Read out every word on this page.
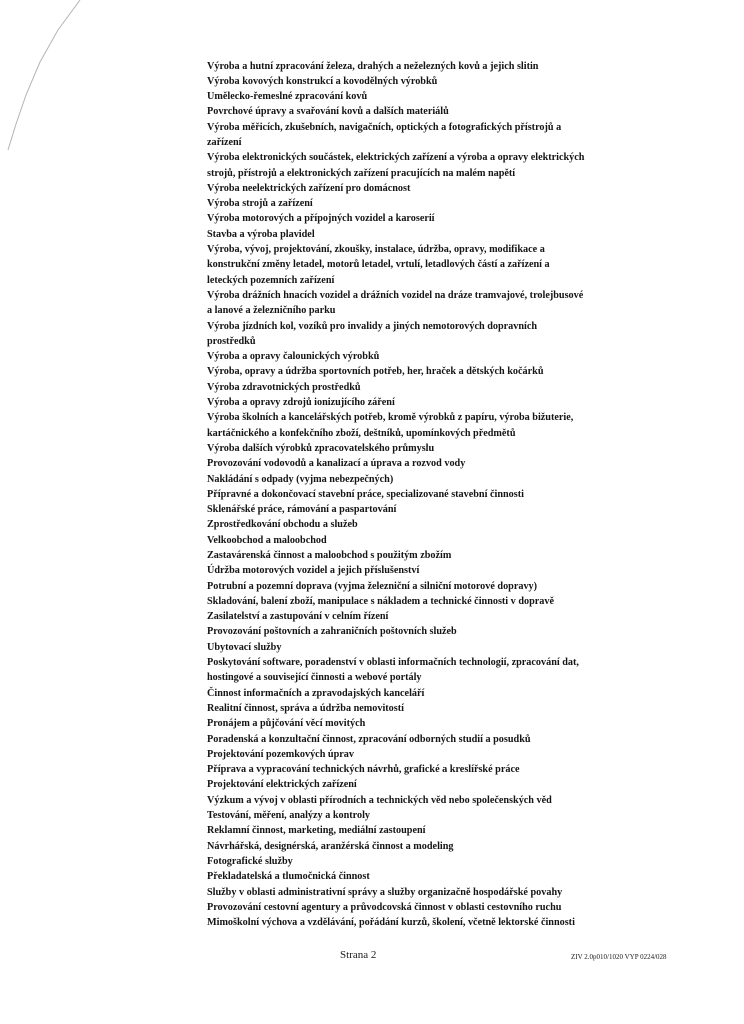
Výroba a hutní zpracování železa, drahých a neželezných kovů a jejich slitin
Výroba kovových konstrukcí a kovodělných výrobků
Umělecko-řemeslné zpracování kovů
Povrchové úpravy a svařování kovů a dalších materiálů
Výroba měřicích, zkušebních, navigačních, optických a fotografických přístrojů a
zařízení
Výroba elektronických součástek, elektrických zařízení a výroba a opravy elektrických
strojů, přístrojů a elektronických zařízení pracujících na malém napětí
Výroba neelektrických zařízení pro domácnost
Výroba strojů a zařízení
Výroba motorových a přípojných vozidel a karoserií
Stavba a výroba plavidel
Výroba, vývoj, projektování, zkoušky, instalace, údržba, opravy, modifikace a
konstrukční změny letadel, motorů letadel, vrtulí, letadlových částí a zařízení a
leteckých pozemních zařízení
Výroba drážních hnacích vozidel a drážních vozidel na dráze tramvajové, trolejbusové
a lanové a železničního parku
Výroba jízdních kol, vozíků pro invalidy a jiných nemotorových dopravních
prostředků
Výroba a opravy čalounických výrobků
Výroba, opravy a údržba sportovních potřeb, her, hraček a dětských kočárků
Výroba zdravotnických prostředků
Výroba a opravy zdrojů ionizujícího záření
Výroba školních a kancelářských potřeb, kromě výrobků z papíru, výroba bižuterie,
kartáčnického a konfekčního zboží, deštníků, upomínkových předmětů
Výroba dalších výrobků zpracovatelského průmyslu
Provozování vodovodů a kanalizací a úprava a rozvod vody
Nakládání s odpady (vyjma nebezpečných)
Přípravné a dokončovací stavební práce, specializované stavební činnosti
Sklenářské práce, rámování a paspartování
Zprostředkování obchodu a služeb
Velkoobchod a maloobchod
Zastavárenská činnost a maloobchod s použitým zbožím
Údržba motorových vozidel a jejich příslušenství
Potrubní a pozemní doprava (vyjma železniční a silniční motorové dopravy)
Skladování, balení zboží, manipulace s nákladem a technické činnosti v dopravě
Zasilatelství a zastupování v celním řízení
Provozování poštovních a zahraničních poštovních služeb
Ubytovací služby
Poskytování software, poradenství v oblasti informačních technologií, zpracování dat,
hostingové a související činnosti a webové portály
Činnost informačních a zpravodajských kanceláří
Realitní činnost, správa a údržba nemovitostí
Pronájem a půjčování věcí movitých
Poradenská a konzultační činnost, zpracování odborných studií a posudků
Projektování pozemkových úprav
Příprava a vypracování technických návrhů, grafické a kreslířské práce
Projektování elektrických zařízení
Výzkum a vývoj v oblasti přírodních a technických věd nebo společenských věd
Testování, měření, analýzy a kontroly
Reklamní činnost, marketing, mediální zastoupení
Návrhářská, designérská, aranžérská činnost a modeling
Fotografické služby
Překladatelská a tlumočnická činnost
Služby v oblasti administrativní správy a služby organizačně hospodářské povahy
Provozování cestovní agentury a průvodcovská činnost v oblasti cestovního ruchu
Mimoškolní výchova a vzdělávání, pořádání kurzů, školení, včetně lektorské činnosti
Strana 2	ZIV 2.0p010/1020 VYP 0224/028
